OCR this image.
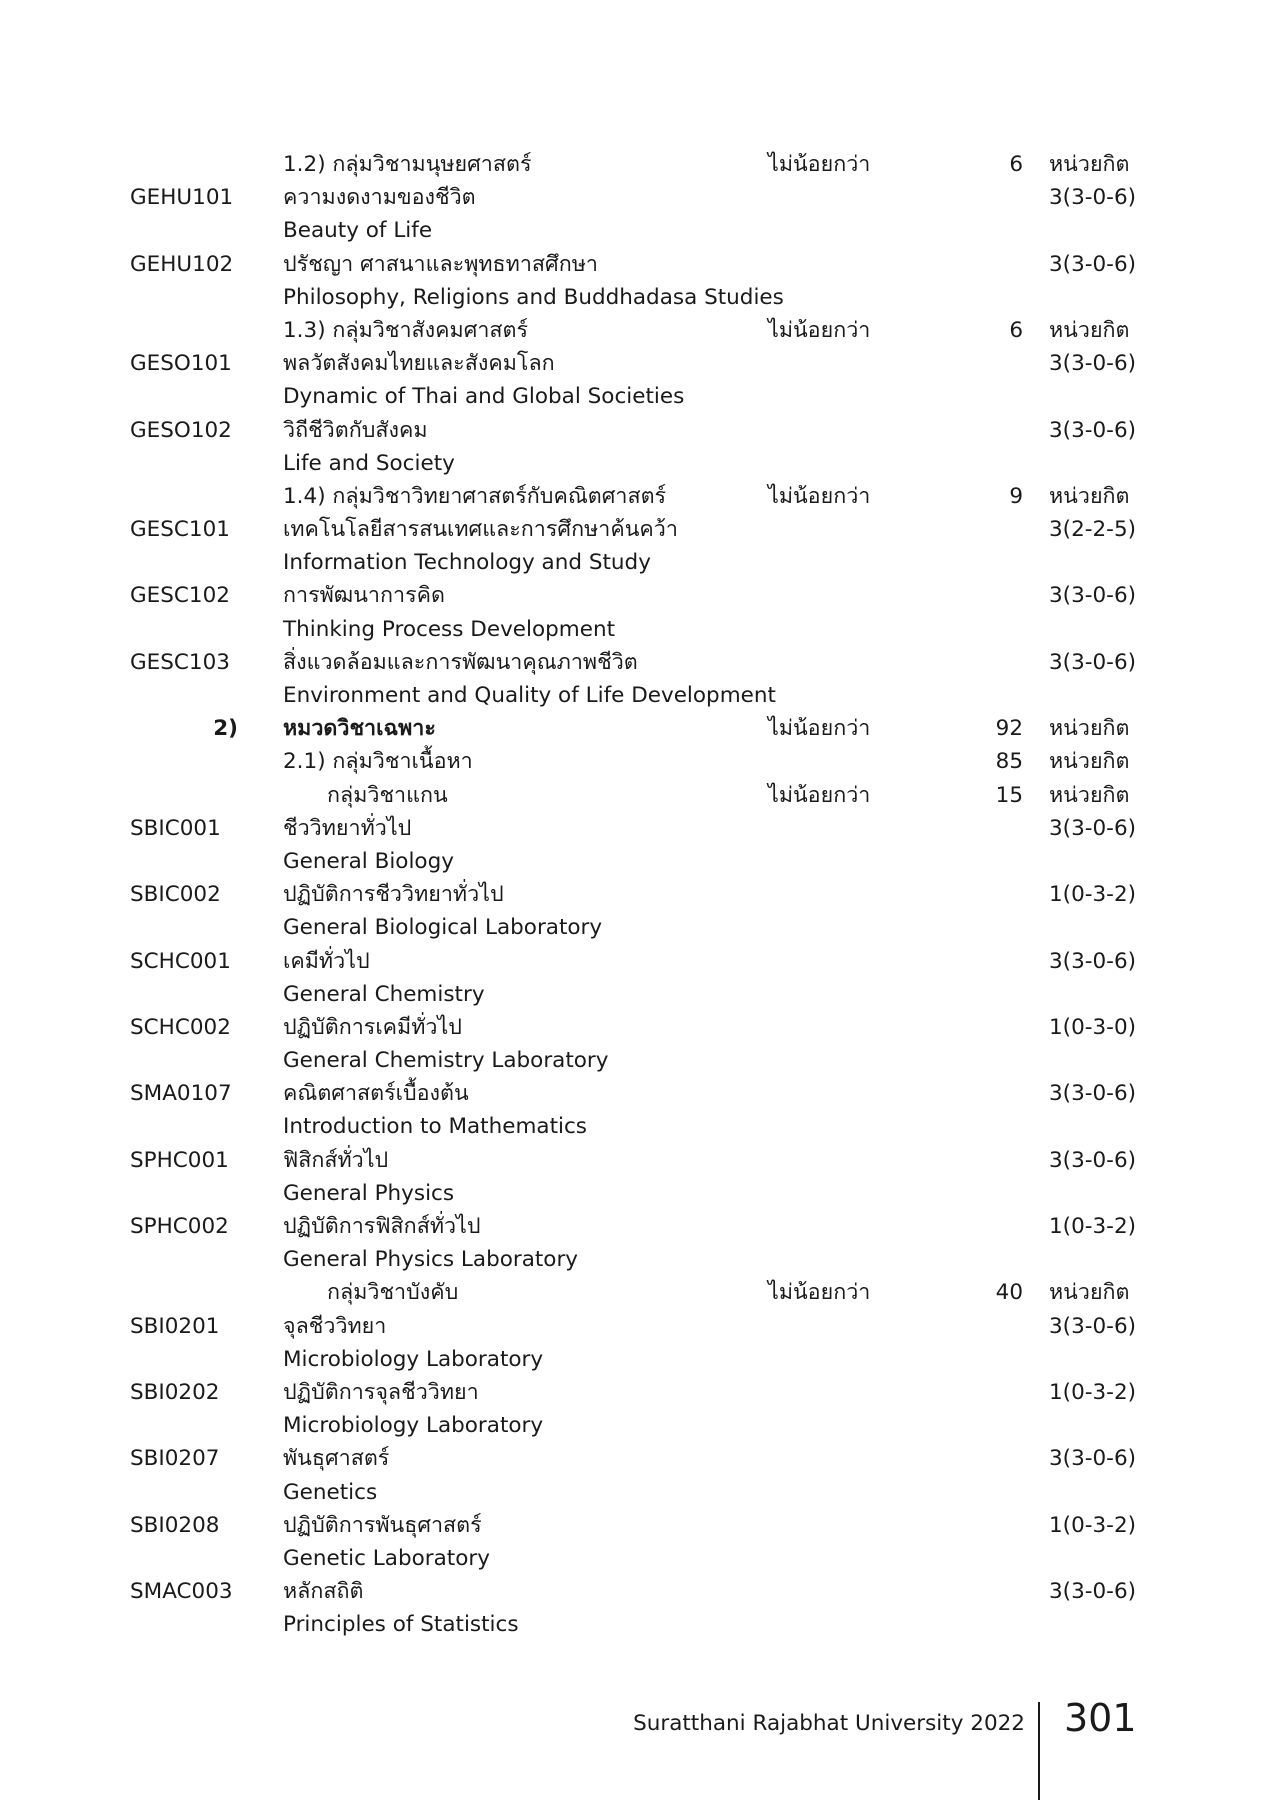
1.2) กลุ่มวิชามนุษยศาสตร์	ไม่น้อยกว่า	6 หน่วยกิต
GEHU101 ความงดงามของชีวิต	3(3-0-6)
Beauty of Life
GEHU102 ปรัชญา ศาสนาและพุทธทาสศึกษา	3(3-0-6)
Philosophy, Religions and Buddhadasa Studies
1.3) กลุ่มวิชาสังคมศาสตร์	ไม่น้อยกว่า	6 หน่วยกิต
GESO101 พลวัตสังคมไทยและสังคมโลก	3(3-0-6)
Dynamic of Thai and Global Societies
GESO102 วิถีชีวิตกับสังคม	3(3-0-6)
Life and Society
1.4) กลุ่มวิชาวิทยาศาสตร์กับคณิตศาสตร์	ไม่น้อยกว่า	9 หน่วยกิต
GESC101 เทคโนโลยีสารสนเทศและการศึกษาค้นคว้า	3(2-2-5)
Information Technology and Study
GESC102 การพัฒนาการคิด	3(3-0-6)
Thinking Process Development
GESC103 สิ่งแวดล้อมและการพัฒนาคุณภาพชีวิต	3(3-0-6)
Environment and Quality of Life Development
2) หมวดวิชาเฉพาะ	ไม่น้อยกว่า	92 หน่วยกิต
2.1) กลุ่มวิชาเนื้อหา	85 หน่วยกิต
กลุ่มวิชาแกน	ไม่น้อยกว่า	15 หน่วยกิต
SBIC001	ชีววิทยาทั่วไป	3(3-0-6)
General Biology
SBIC002	ปฏิบัติการชีววิทยาทั่วไป	1(0-3-2)
General Biological Laboratory
SCHC001 เคมีทั่วไป	3(3-0-6)
General Chemistry
SCHC002 ปฏิบัติการเคมีทั่วไป	1(0-3-0)
General Chemistry Laboratory
SMA0107 คณิตศาสตร์เบื้องต้น	3(3-0-6)
Introduction to Mathematics
SPHC001	ฟิสิกส์ทั่วไป	3(3-0-6)
General Physics
SPHC002	ปฏิบัติการฟิสิกส์ทั่วไป	1(0-3-2)
General Physics Laboratory
กลุ่มวิชาบังคับ	ไม่น้อยกว่า	40 หน่วยกิต
SBI0201	จุลชีววิทยา	3(3-0-6)
Microbiology Laboratory
SBI0202	ปฏิบัติการจุลชีววิทยา	1(0-3-2)
Microbiology Laboratory
SBI0207	พันธุศาสตร์	3(3-0-6)
Genetics
SBI0208	ปฏิบัติการพันธุศาสตร์	1(0-3-2)
Genetic Laboratory
SMAC003 หลักสถิติ	3(3-0-6)
Principles of Statistics
Suratthani Rajabhat University 2022 301
